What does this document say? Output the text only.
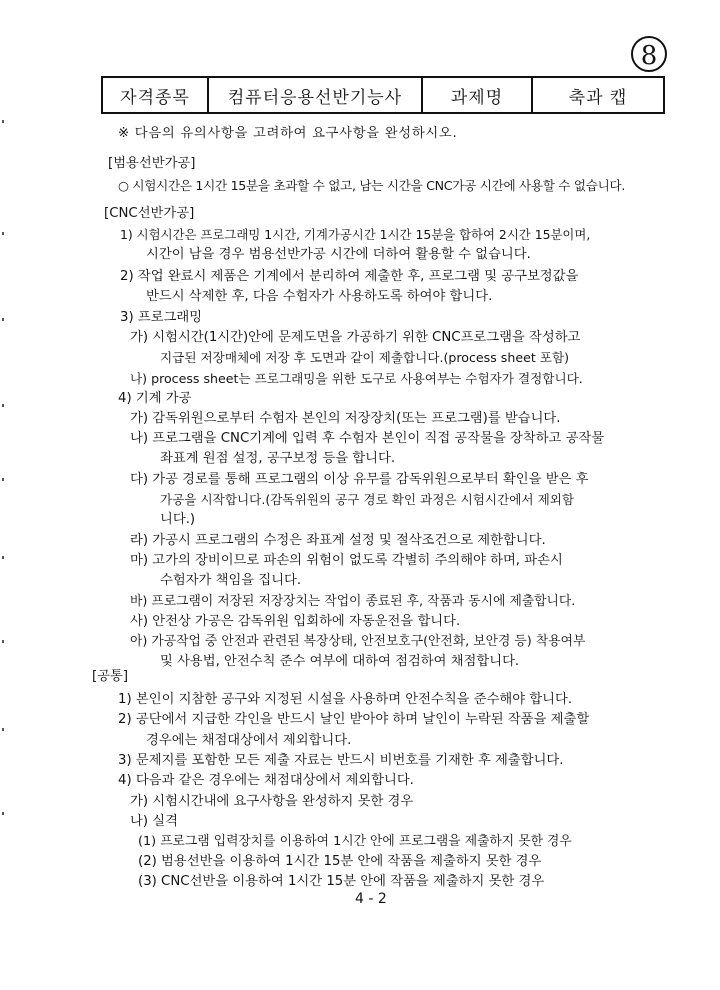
8
자격종목	컴퓨터응용선반기능사	과제명	축과 캡
※ 다음의 유의사항을 고려하여 요구사항을 완성하시오.
[범용선반가공]
○ 시험시간은 1시간 15분을 초과할 수 없고, 남는 시간을 CNC가공 시간에 사용할 수 없습니다.
[CNC선반가공]
1) 시험시간은 프로그래밍 1시간, 기계가공시간 1시간 15분을 합하여 2시간 15분이며,
시간이 남을 경우 범용선반가공 시간에 더하여 활용할 수 없습니다.
2) 작업 완료시 제품은 기계에서 분리하여 제출한 후, 프로그램 및 공구보정값을
반드시 삭제한 후, 다음 수험자가 사용하도록 하여야 합니다.
3) 프로그래밍
가) 시험시간(1시간)안에 문제도면을 가공하기 위한 CNC프로그램을 작성하고
지급된 저장매체에 저장 후 도면과 같이 제출합니다.(process sheet 포함)
나) process sheet는 프로그래밍을 위한 도구로 사용여부는 수험자가 결정합니다.
4) 기계 가공
가) 감독위원으로부터 수험자 본인의 저장장치(또는 프로그램)를 받습니다.
나) 프로그램을 CNC기계에 입력 후 수험자 본인이 직접 공작물을 장착하고 공작물
좌표계 원점 설정, 공구보정 등을 합니다.
다) 가공 경로를 통해 프로그램의 이상 유무를 감독위원으로부터 확인을 받은 후
가공을 시작합니다.(감독위원의 공구 경로 확인 과정은 시험시간에서 제외함
니다.)
라) 가공시 프로그램의 수정은 좌표계 설정 및 절삭조건으로 제한합니다.
마) 고가의 장비이므로 파손의 위험이 없도록 각별히 주의해야 하며, 파손시
수험자가 책임을 집니다.
바) 프로그램이 저장된 저장장치는 작업이 종료된 후, 작품과 동시에 제출합니다.
사) 안전상 가공은 감독위원 입회하에 자동운전을 합니다.
아) 가공작업 중 안전과 관련된 복장상태, 안전보호구(안전화, 보안경 등) 착용여부
및 사용법, 안전수칙 준수 여부에 대하여 점검하여 채점합니다.
[공통]
1) 본인이 지참한 공구와 지정된 시설을 사용하며 안전수칙을 준수해야 합니다.
2) 공단에서 지급한 각인을 반드시 날인 받아야 하며 날인이 누락된 작품을 제출할
경우에는 채점대상에서 제외합니다.
3) 문제지를 포함한 모든 제출 자료는 반드시 비번호를 기재한 후 제출합니다.
4) 다음과 같은 경우에는 채점대상에서 제외합니다.
가) 시험시간내에 요구사항을 완성하지 못한 경우
나) 실격
(1) 프로그램 입력장치를 이용하여 1시간 안에 프로그램을 제출하지 못한 경우
(2) 범용선반을 이용하여 1시간 15분 안에 작품을 제출하지 못한 경우
(3) CNC선반을 이용하여 1시간 15분 안에 작품을 제출하지 못한 경우
4 - 2
